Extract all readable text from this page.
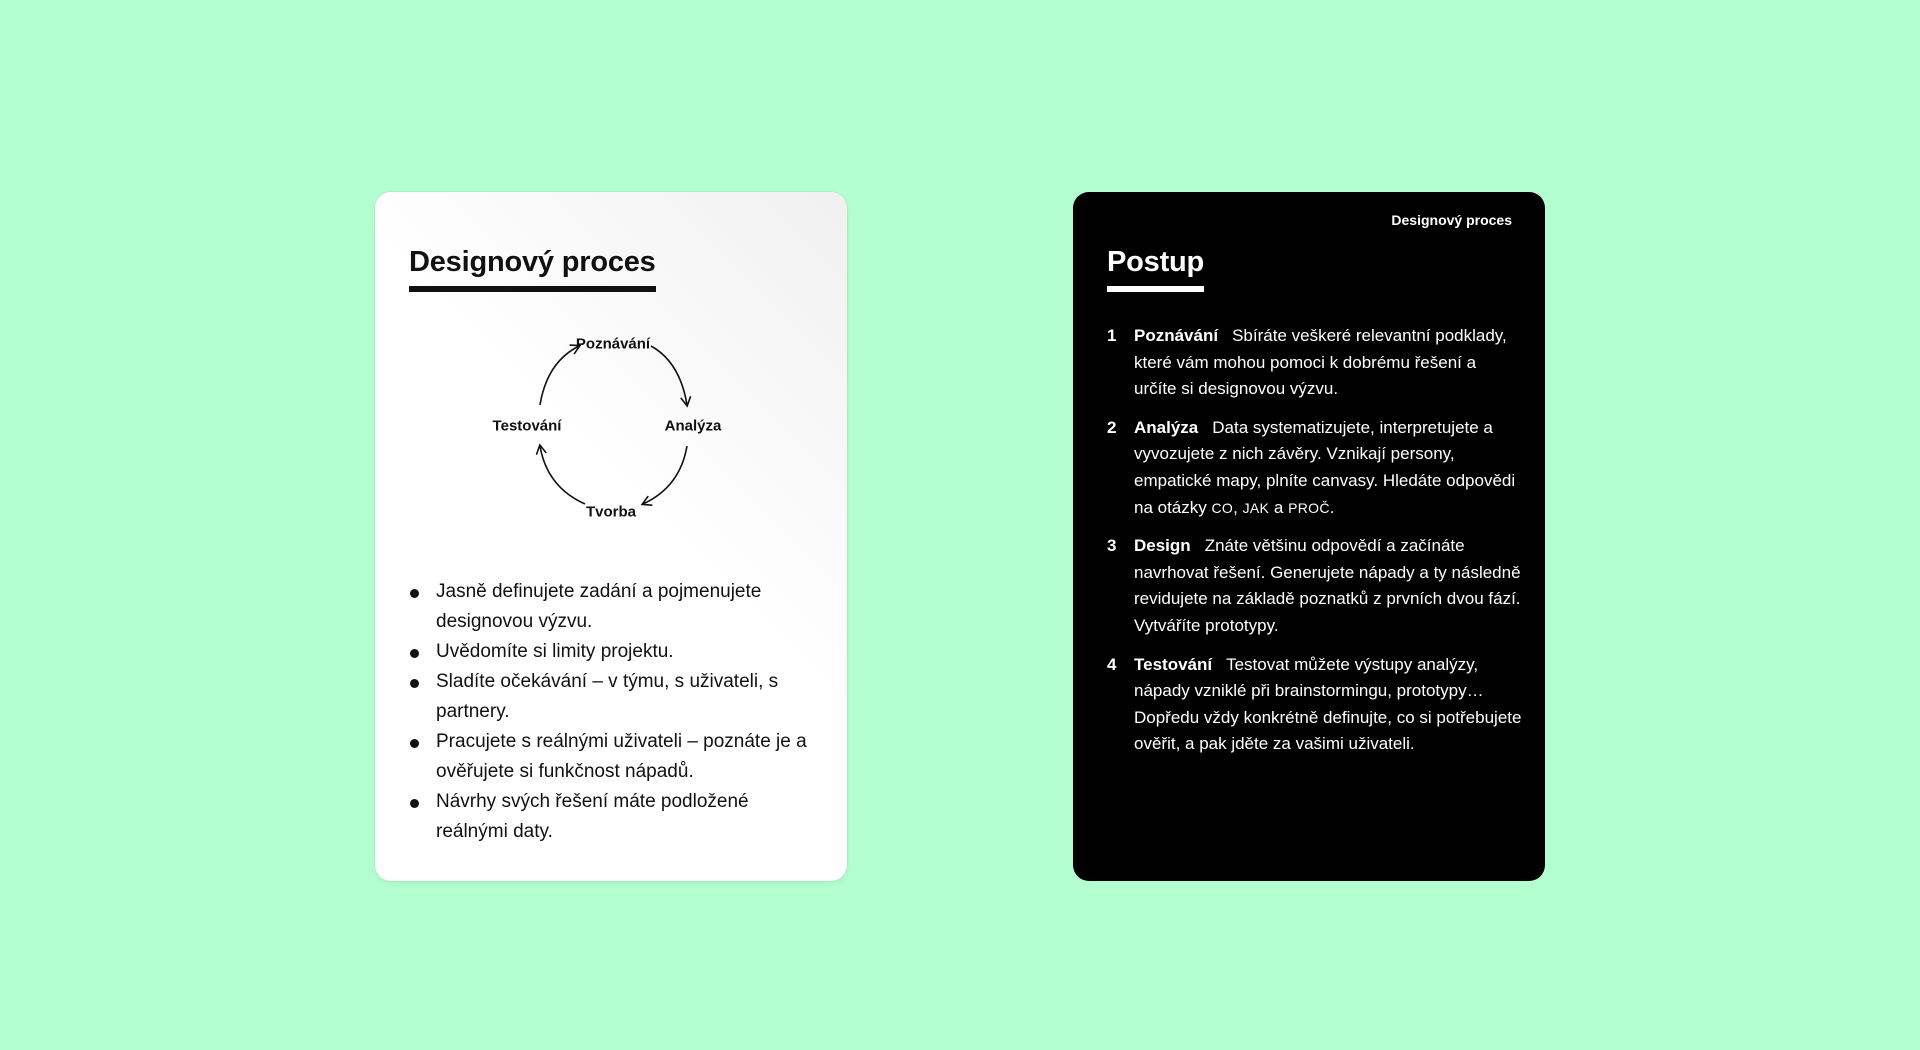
Designový proces
Poznávání
Analýza
Tvorba
Testování
Jasně definujete zadání a pojmenujete designovou výzvu.
Uvědomíte si limity projektu.
Sladíte očekávání – v týmu, s uživateli, s partnery.
Pracujete s reálnými uživateli – poznáte je a ověřujete si funkčnost nápadů.
Návrhy svých řešení máte podložené reálnými daty.
Designový proces
Postup
1 Poznávání Sbíráte veškeré relevantní podklady, které vám mohou pomoci k dobrému řešení a určíte si designovou výzvu.
2 Analýza Data systematizujete, interpretujete a vyvozujete z nich závěry. Vznikají persony, empatické mapy, plníte canvasy. Hledáte odpovědi na otázky CO, JAK a PROČ.
3 Design Znáte většinu odpovědí a začínáte navrhovat řešení. Generujete nápady a ty následně revidujete na základě poznatků z prvních dvou fází. Vytváříte prototypy.
4 Testování Testovat můžete výstupy analýzy, nápady vzniklé při brainstormingu, prototypy… Dopředu vždy konkrétně definujte, co si potřebujete ověřit, a pak jděte za vašimi uživateli.
